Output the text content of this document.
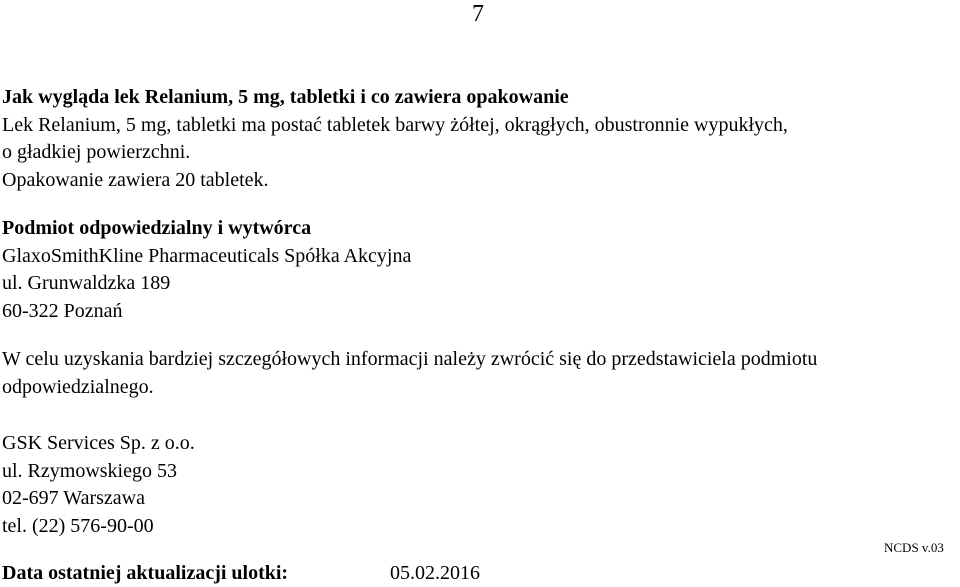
7
Jak wygląda lek Relanium, 5 mg, tabletki i co zawiera opakowanie
Lek Relanium, 5 mg, tabletki ma postać tabletek barwy żółtej, okrągłych, obustronnie wypukłych,
o gładkiej powierzchni.
Opakowanie zawiera 20 tabletek.
Podmiot odpowiedzialny i wytwórca
GlaxoSmithKline Pharmaceuticals Spółka Akcyjna
ul. Grunwaldzka 189
60-322 Poznań
W celu uzyskania bardziej szczegółowych informacji należy zwrócić się do przedstawiciela podmiotu
odpowiedzialnego.
GSK Services Sp. z o.o.
ul. Rzymowskiego 53
02-697 Warszawa
tel. (22) 576-90-00
NCDS v.03
Data ostatniej aktualizacji ulotki:	05.02.2016
